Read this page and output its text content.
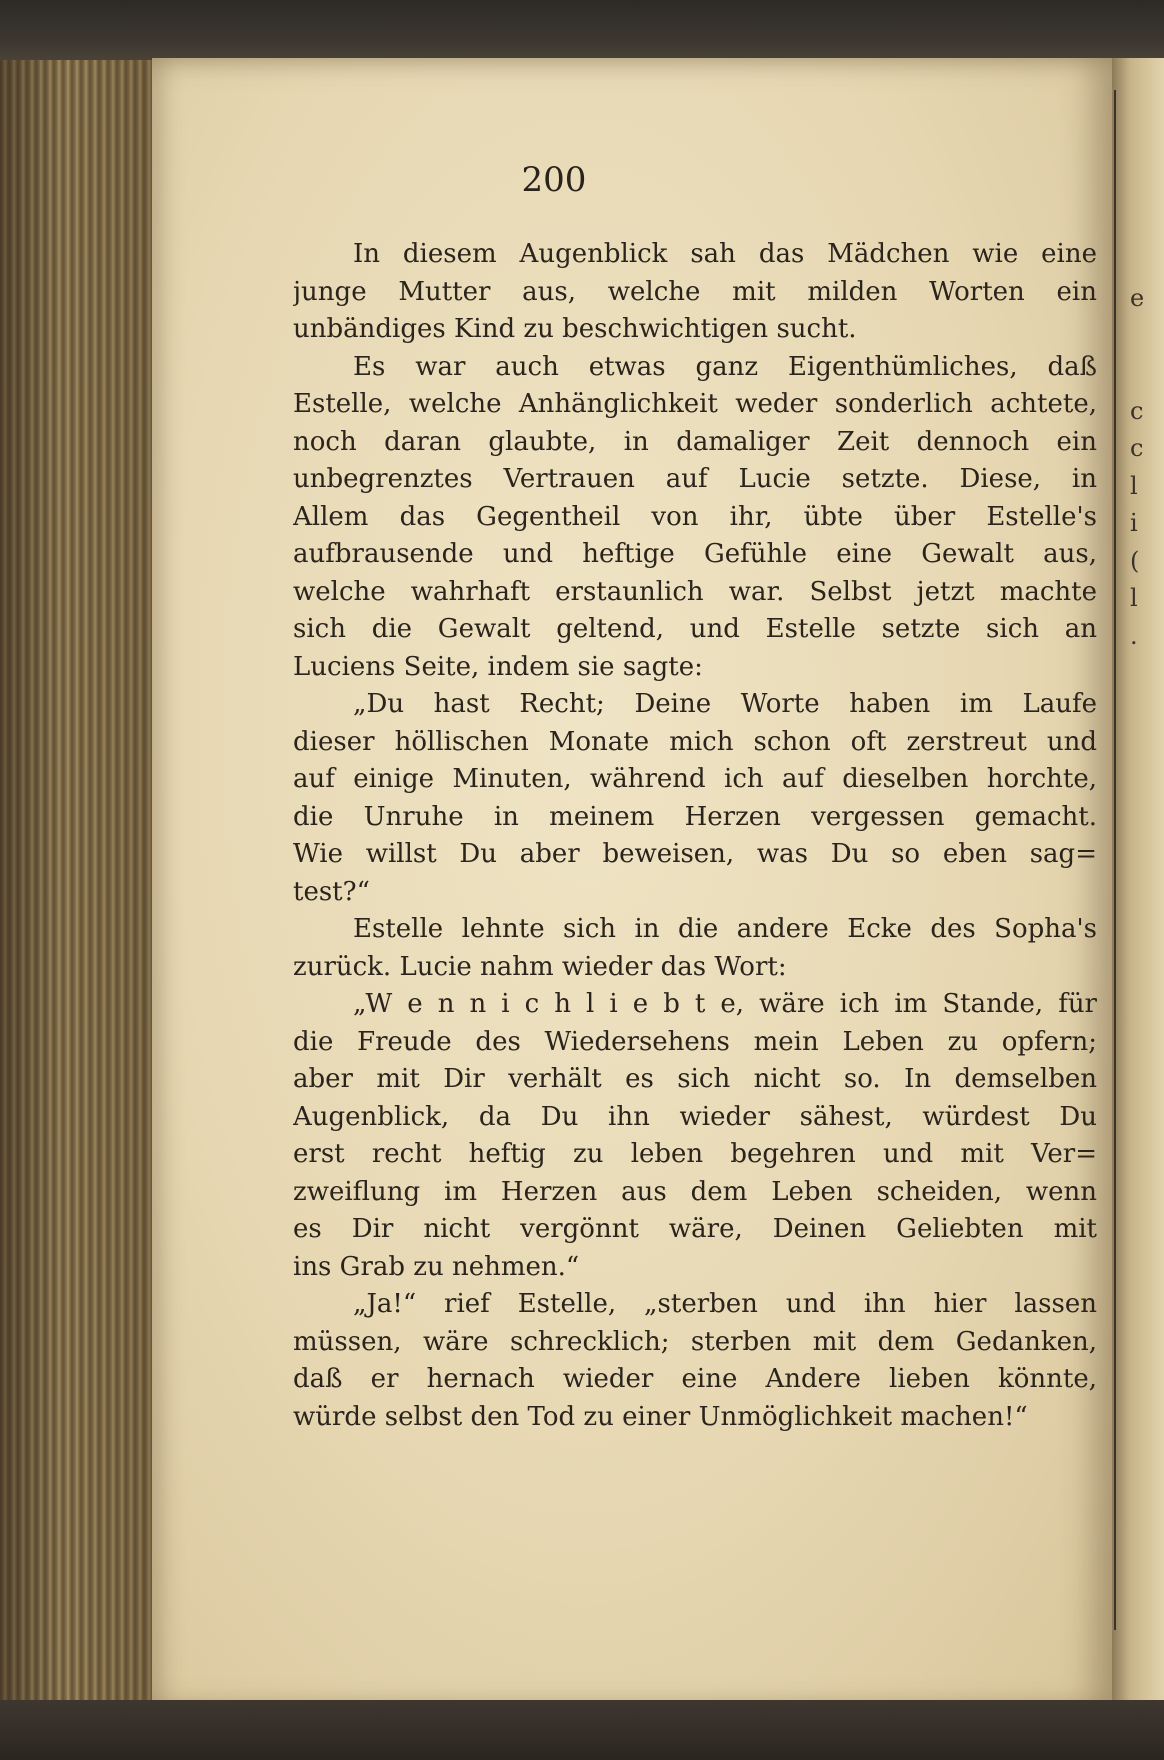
200
In diesem Augenblick sah das Mädchen wie eine
junge Mutter aus, welche mit milden Worten ein
unbändiges Kind zu beschwichtigen sucht.
Es war auch etwas ganz Eigenthümliches, daß
Estelle, welche Anhänglichkeit weder sonderlich achtete,
noch daran glaubte, in damaliger Zeit dennoch ein
unbegrenztes Vertrauen auf Lucie setzte. Diese, in
Allem das Gegentheil von ihr, übte über Estelle's
aufbrausende und heftige Gefühle eine Gewalt aus,
welche wahrhaft erstaunlich war. Selbst jetzt machte
sich die Gewalt geltend, und Estelle setzte sich an
Luciens Seite, indem sie sagte:
„Du hast Recht; Deine Worte haben im Laufe
dieser höllischen Monate mich schon oft zerstreut und
auf einige Minuten, während ich auf dieselben horchte,
die Unruhe in meinem Herzen vergessen gemacht.
Wie willst Du aber beweisen, was Du so eben sag=
test?“
Estelle lehnte sich in die andere Ecke des Sopha's
zurück. Lucie nahm wieder das Wort:
„W e n n i c h l i e b t e, wäre ich im Stande, für
die Freude des Wiedersehens mein Leben zu opfern;
aber mit Dir verhält es sich nicht so. In demselben
Augenblick, da Du ihn wieder sähest, würdest Du
erst recht heftig zu leben begehren und mit Ver=
zweiflung im Herzen aus dem Leben scheiden, wenn
es Dir nicht vergönnt wäre, Deinen Geliebten mit
ins Grab zu nehmen.“
„Ja!“ rief Estelle, „sterben und ihn hier lassen
müssen, wäre schrecklich; sterben mit dem Gedanken,
daß er hernach wieder eine Andere lieben könnte,
würde selbst den Tod zu einer Unmöglichkeit machen!“
e
c
c
l
i
(
l
.
